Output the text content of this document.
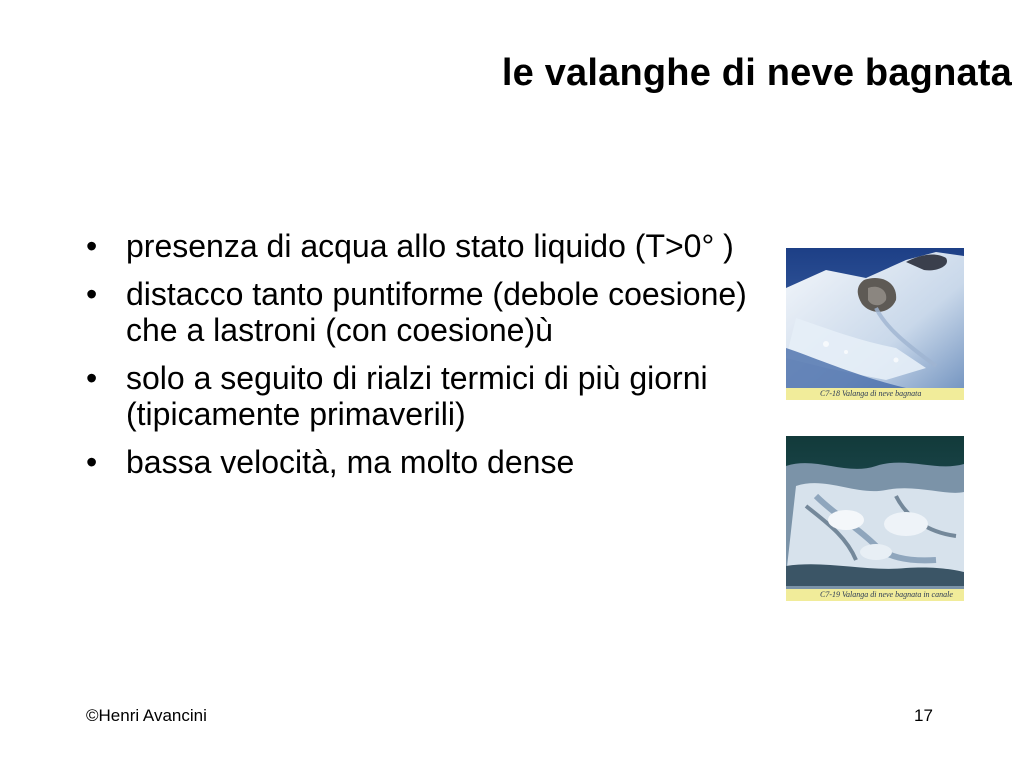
le valanghe di neve bagnata
• presenza di acqua allo stato liquido (T>0° )
• distacco tanto puntiforme (debole coesione) che a lastroni (con coesione)ù
• solo a seguito di rialzi termici di più giorni (tipicamente primaverili)
• bassa velocità, ma molto dense
C7-18 Valanga di neve bagnata
C7-19 Valanga di neve bagnata in canale
©Henri Avancini	17
